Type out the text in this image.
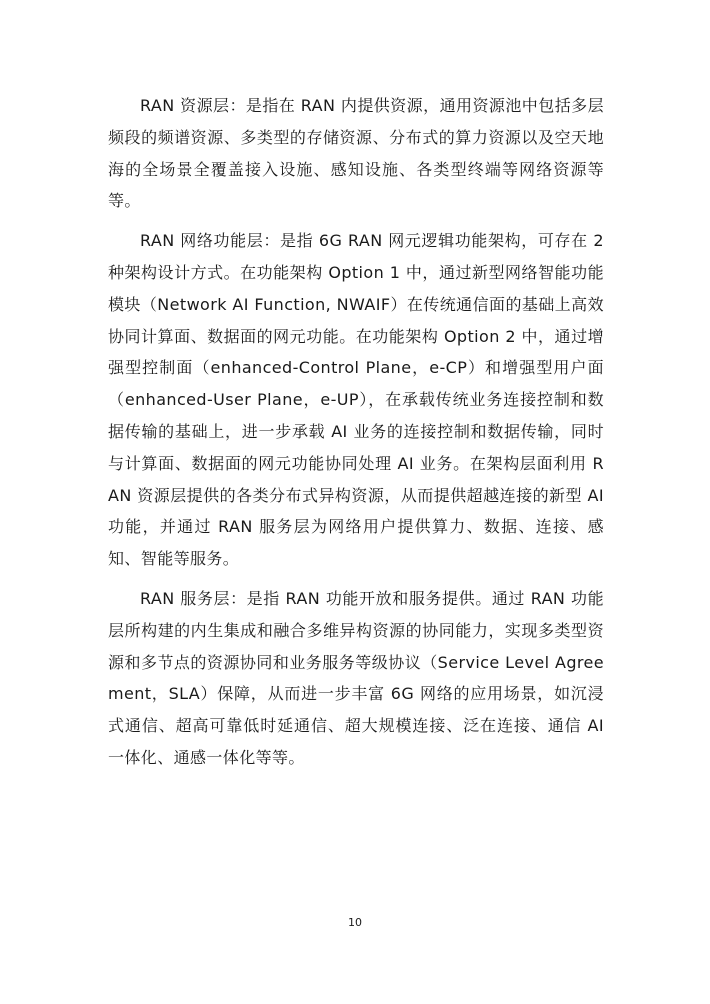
RAN 资源层：是指在 RAN 内提供资源，通用资源池中包括多层频段的频谱资源、多类型的存储资源、分布式的算力资源以及空天地海的全场景全覆盖接入设施、感知设施、各类型终端等网络资源等等。

RAN 网络功能层：是指 6G RAN 网元逻辑功能架构，可存在 2 种架构设计方式。在功能架构 Option 1 中，通过新型网络智能功能模块（Network AI Function, NWAIF）在传统通信面的基础上高效协同计算面、数据面的网元功能。在功能架构 Option 2 中，通过增强型控制面（enhanced-Control Plane，e-CP）和增强型用户面（enhanced-User Plane，e-UP），在承载传统业务连接控制和数据传输的基础上，进一步承载 AI 业务的连接控制和数据传输，同时与计算面、数据面的网元功能协同处理 AI 业务。在架构层面利用 RAN 资源层提供的各类分布式异构资源，从而提供超越连接的新型 AI 功能，并通过 RAN 服务层为网络用户提供算力、数据、连接、感知、智能等服务。

RAN 服务层：是指 RAN 功能开放和服务提供。通过 RAN 功能层所构建的内生集成和融合多维异构资源的协同能力，实现多类型资源和多节点的资源协同和业务服务等级协议（Service Level Agreement，SLA）保障，从而进一步丰富 6G 网络的应用场景，如沉浸式通信、超高可靠低时延通信、超大规模连接、泛在连接、通信 AI 一体化、通感一体化等等。

10
